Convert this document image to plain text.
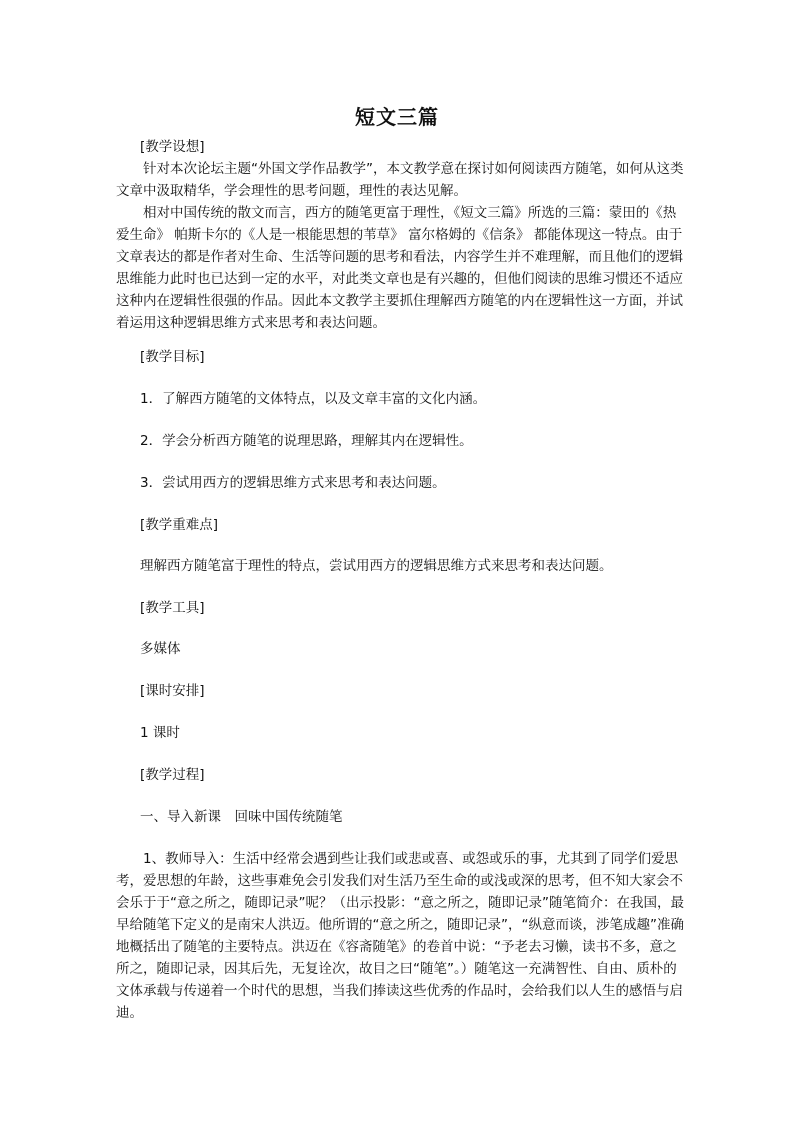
短文三篇
[教学设想]
针对本次论坛主题“外国文学作品教学”，本文教学意在探讨如何阅读西方随笔，如何从这类文章中汲取精华，学会理性的思考问题，理性的表达见解。
相对中国传统的散文而言，西方的随笔更富于理性，《短文三篇》所选的三篇：蒙田的《热爱生命》 帕斯卡尔的《人是一根能思想的苇草》 富尔格姆的《信条》 都能体现这一特点。由于文章表达的都是作者对生命、生活等问题的思考和看法，内容学生并不难理解，而且他们的逻辑思维能力此时也已达到一定的水平，对此类文章也是有兴趣的，但他们阅读的思维习惯还不适应这种内在逻辑性很强的作品。因此本文教学主要抓住理解西方随笔的内在逻辑性这一方面，并试着运用这种逻辑思维方式来思考和表达问题。
[教学目标]
1．了解西方随笔的文体特点，以及文章丰富的文化内涵。
2．学会分析西方随笔的说理思路，理解其内在逻辑性。
3．尝试用西方的逻辑思维方式来思考和表达问题。
[教学重难点]
理解西方随笔富于理性的特点，尝试用西方的逻辑思维方式来思考和表达问题。
[教学工具]
多媒体
[课时安排]
1 课时
[教学过程]
一、导入新课　回味中国传统随笔
1、教师导入：生活中经常会遇到些让我们或悲或喜、或怨或乐的事，尤其到了同学们爱思考，爱思想的年龄，这些事难免会引发我们对生活乃至生命的或浅或深的思考，但不知大家会不会乐于于“意之所之，随即记录”呢？（出示投影：“意之所之，随即记录”随笔简介：在我国，最早给随笔下定义的是南宋人洪迈。他所谓的“意之所之，随即记录”，“纵意而谈，涉笔成趣”准确地概括出了随笔的主要特点。洪迈在《容斋随笔》的卷首中说：“予老去习懒，读书不多，意之所之，随即记录，因其后先，无复诠次，故目之曰“随笔”。）随笔这一充满智性、自由、质朴的文体承载与传递着一个时代的思想，当我们捧读这些优秀的作品时，会给我们以人生的感悟与启迪。
